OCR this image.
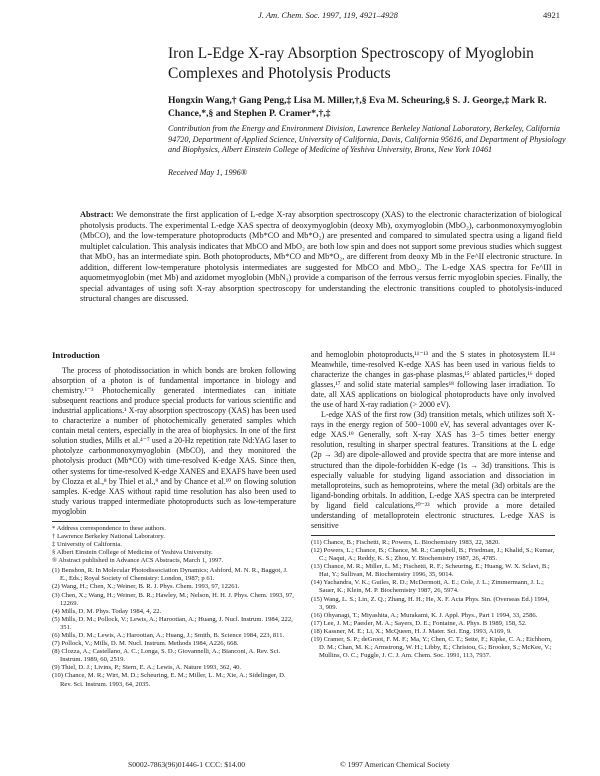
J. Am. Chem. Soc. 1997, 119, 4921–4928	4921
Iron L-Edge X-ray Absorption Spectroscopy of Myoglobin Complexes and Photolysis Products
Hongxin Wang,† Gang Peng,‡ Lisa M. Miller,†,§ Eva M. Scheuring,§ S. J. George,‡ Mark R. Chance,*,§ and Stephen P. Cramer*,†,‡
Contribution from the Energy and Environment Division, Lawrence Berkeley National Laboratory, Berkeley, California 94720, Department of Applied Science, University of California, Davis, California 95616, and Department of Physiology and Biophysics, Albert Einstein College of Medicine of Yeshiva University, Bronx, New York 10461
Received May 1, 1996®
Abstract: We demonstrate the first application of L-edge X-ray absorption spectroscopy (XAS) to the electronic characterization of biological photolysis products. The experimental L-edge XAS spectra of deoxymyoglobin (deoxy Mb), oxymyoglobin (MbO₂), carbonmonoxymyoglobin (MbCO), and the low-temperature photoproducts (Mb*CO and Mb*O₂) are presented and compared to simulated spectra using a ligand field multiplet calculation. This analysis indicates that MbCO and MbO₂ are both low spin and does not support some previous studies which suggest that MbO₂ has an intermediate spin. Both photoproducts, Mb*CO and Mb*O₂, are different from deoxy Mb in the Fe^II electronic structure. In addition, different low-temperature photolysis intermediates are suggested for MbCO and MbO₂. The L-edge XAS spectra for Fe^III in aquometmyoglobin (met Mb) and azidomet myoglobin (MbN₃) provide a comparison of the ferrous versus ferric myoglobin species. Finally, the special advantages of using soft X-ray absorption spectroscopy for understanding the electronic transitions coupled to photolysis-induced structural changes are discussed.
Introduction

The process of photodissociation in which bonds are broken following absorption of a photon is of fundamental importance in biology and chemistry.¹⁻³ Photochemically generated intermediates can initiate subsequent reactions and produce special products for various scientific and industrial applications.¹ X-ray absorption spectroscopy (XAS) has been used to characterize a number of photochemically generated samples which contain metal centers, especially in the area of biophysics. In one of the first solution studies, Mills et al.⁴⁻⁷ used a 20-Hz repetition rate Nd:YAG laser to photolyze carbonmonoxymyoglobin (MbCO), and they monitored the photolysis product (Mb*CO) with time-resolved K-edge XAS. Since then, other systems for time-resolved K-edge XANES and EXAFS have been used by Clozza et al.,⁸ by Thiel et al.,⁹ and by Chance et al.¹⁰ on flowing solution samples. K-edge XAS without rapid time resolution has also been used to study various trapped intermediate photoproducts such as low-temperature myoglobin

* Address correspondence to these authors.

† Lawrence Berkeley National Laboratory.

‡ University of California.

§ Albert Einstein College of Medicine of Yeshiva University.

® Abstract published in Advance ACS Abstracts, March 1, 1997.

(1) Benshon, R. In Molecular Photodissociation Dynamics; Ashford, M. N. R., Baggot, J. E., Eds.; Royal Society of Chemistry: London, 1987; p 61.

(2) Wang, H.; Chen, X.; Weiner, B. R. J. Phys. Chem. 1993, 97, 12261.

(3) Chen, X.; Wang, H.; Weiner, B. R.; Hawley, M.; Nelson, H. H. J. Phys. Chem. 1993, 97, 12269.

(4) Mills, D. M. Phys. Today 1984, 4, 22.

(5) Mills, D. M.; Pollock, V.; Lewis, A.; Harootian, A.; Huang, J. Nucl. Instrum. 1984, 222, 351.

(6) Mills, D. M.; Lewis, A.; Harootian, A.; Huang, J.; Smith, B. Science 1984, 223, 811.

(7) Pollock, V.; Mills, D. M. Nucl. Instrum. Methods 1984, A226, 668.

(8) Clozza, A.; Castellano, A. C.; Longa, S. D.; Giovannelli, A.; Bianconi, A. Rev. Sci. Instrum. 1989, 60, 2519.

(9) Thiel, D. J.; Livins, P.; Stern, E. A.; Lewis, A. Nature 1993, 362, 40.

(10) Chance, M. R.; Wirt, M. D.; Scheuring, E. M.; Miller, L. M.; Xie, A.; Sidelinger, D. Rev. Sci. Instrum. 1993, 64, 2035.

and hemoglobin photoproducts,¹¹⁻¹³ and the S states in photosystem II.¹⁴ Meanwhile, time-resolved K-edge XAS has been used in various fields to characterize the changes in gas-phase plasmas,¹⁵ ablated particles,¹⁶ doped glasses,¹⁷ and solid state material samples¹⁸ following laser irradiation. To date, all XAS applications on biological photoproducts have only involved the use of hard X-ray radiation (> 2000 eV).

L-edge XAS of the first row (3d) transition metals, which utilizes soft X-rays in the energy region of 500−1000 eV, has several advantages over K-edge XAS.¹⁹ Generally, soft X-ray XAS has 3−5 times better energy resolution, resulting in sharper spectral features. Transitions at the L edge (2p → 3d) are dipole-allowed and provide spectra that are more intense and structured than the dipole-forbidden K-edge (1s → 3d) transitions. This is especially valuable for studying ligand association and dissociation in metalloproteins, such as hemoproteins, where the metal (3d) orbitals are the ligand-bonding orbitals. In addition, L-edge XAS spectra can be interpreted by ligand field calculations,²⁰⁻²³ which provide a more detailed understanding of metalloprotein electronic structures. L-edge XAS is sensitive

(11) Chance, B.; Fischetti, R.; Powers, L. Biochemistry 1983, 22, 3820.

(12) Powers, L.; Chance, B.; Chance, M. R.; Campbell, B.; Friedman, J.; Khalid, S.; Kumar, C.; Naqui, A.; Reddy, K. S.; Zhou, Y. Biochemistry 1987, 26, 4785.

(13) Chance, M. R.; Miller, L. M.; Fischetti, R. F.; Scheuring, E.; Huang, W. X. Sclavi, B.; Hai, Y.; Sullivan, M. Biochemistry 1996, 35, 9014.

(14) Yachandra, V. K.; Guiles, R. D.; McDermott, A. E.; Cole, J. L.; Zimmermann, J. L.; Sauer, K.; Klein, M. P. Biochemistry 1987, 26, 5974.

(15) Wang, L. S.; Lin, Z. Q.; Zhang, H. H.; He, X. F. Acta Phys. Sin. (Overseas Ed.) 1994, 3, 909.

(16) Ohyanagi, T.; Miyashita, A.; Murakami, K. J. Appl. Phys., Part 1 1994, 33, 2586.

(17) Lee, J. M.; Paesler, M. A.; Sayers, D. E.; Fontaine, A. Phys. B 1989, 158, 52.

(18) Kassner, M. E.; Li, X.; McQueen, H. J. Mater. Sci. Eng. 1993, A169, 9.

(19) Cramer, S. P.; deGroot, F. M. F.; Ma, Y.; Chen, C. T.; Sette, F.; Kipke, C. A.; Eichhorn, D. M.; Chan, M. K.; Armstrong, W. H.; Libby, E.; Christou, G.; Brooker, S.; McKee, V.; Mullins, O. C.; Fuggle, J. C. J. Am. Chem. Soc. 1991, 113, 7937.

S0002-7863(96)01446-1 CCC: $14.00	© 1997 American Chemical Society
